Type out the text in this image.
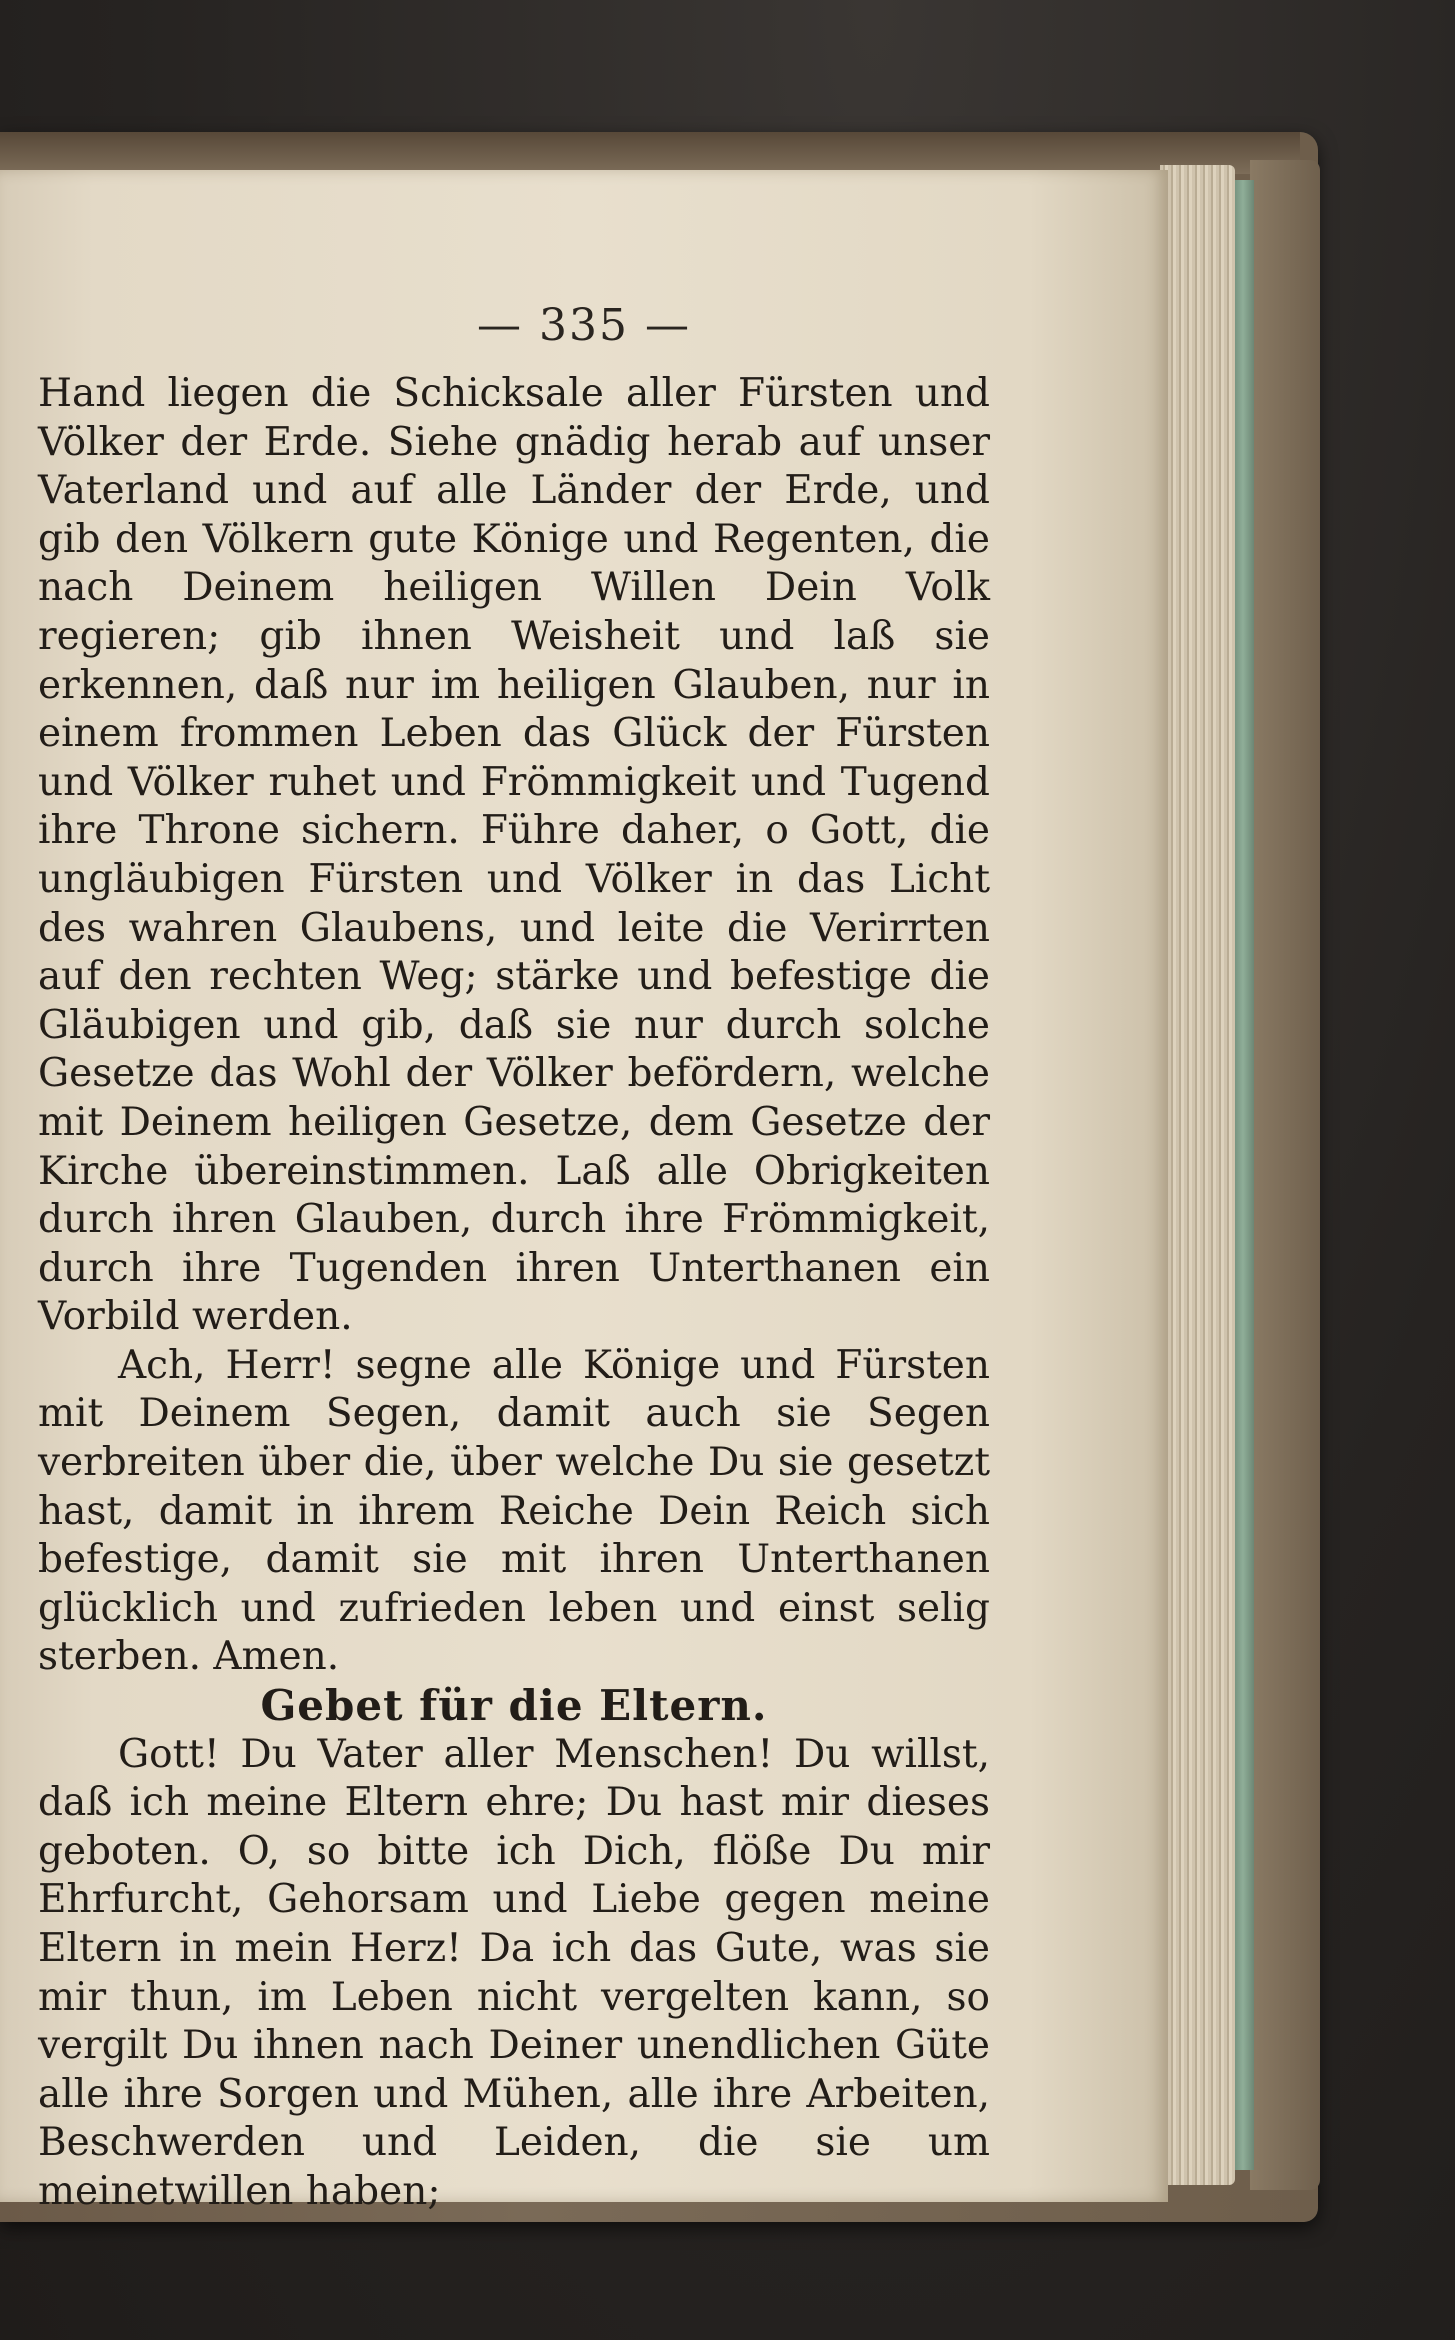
— 335 —

Hand liegen die Schicksale aller Fürsten und Völker der Erde. Siehe gnädig herab auf unser Vaterland und auf alle Länder der Erde, und gib den Völkern gute Könige und Regenten, die nach Deinem heiligen Willen Dein Volk regieren; gib ihnen Weisheit und laß sie erkennen, daß nur im heiligen Glauben, nur in einem frommen Leben das Glück der Fürsten und Völker ruhet und Frömmigkeit und Tugend ihre Throne sichern. Führe daher, o Gott, die ungläubigen Fürsten und Völker in das Licht des wahren Glaubens, und leite die Verirrten auf den rechten Weg; stärke und befestige die Gläubigen und gib, daß sie nur durch solche Gesetze das Wohl der Völker befördern, welche mit Deinem heiligen Gesetze, dem Gesetze der Kirche übereinstimmen. Laß alle Obrigkeiten durch ihren Glauben, durch ihre Frömmigkeit, durch ihre Tugenden ihren Unterthanen ein Vorbild werden.

Ach, Herr! segne alle Könige und Fürsten mit Deinem Segen, damit auch sie Segen verbreiten über die, über welche Du sie gesetzt hast, damit in ihrem Reiche Dein Reich sich befestige, damit sie mit ihren Unterthanen glücklich und zufrieden leben und einst selig sterben. Amen.

Gebet für die Eltern.

Gott! Du Vater aller Menschen! Du willst, daß ich meine Eltern ehre; Du hast mir dieses geboten. O, so bitte ich Dich, flöße Du mir Ehrfurcht, Gehorsam und Liebe gegen meine Eltern in mein Herz! Da ich das Gute, was sie mir thun, im Leben nicht vergelten kann, so vergilt Du ihnen nach Deiner unendlichen Güte alle ihre Sorgen und Mühen, alle ihre Arbeiten, Beschwerden und Leiden, die sie um meinetwillen haben;
